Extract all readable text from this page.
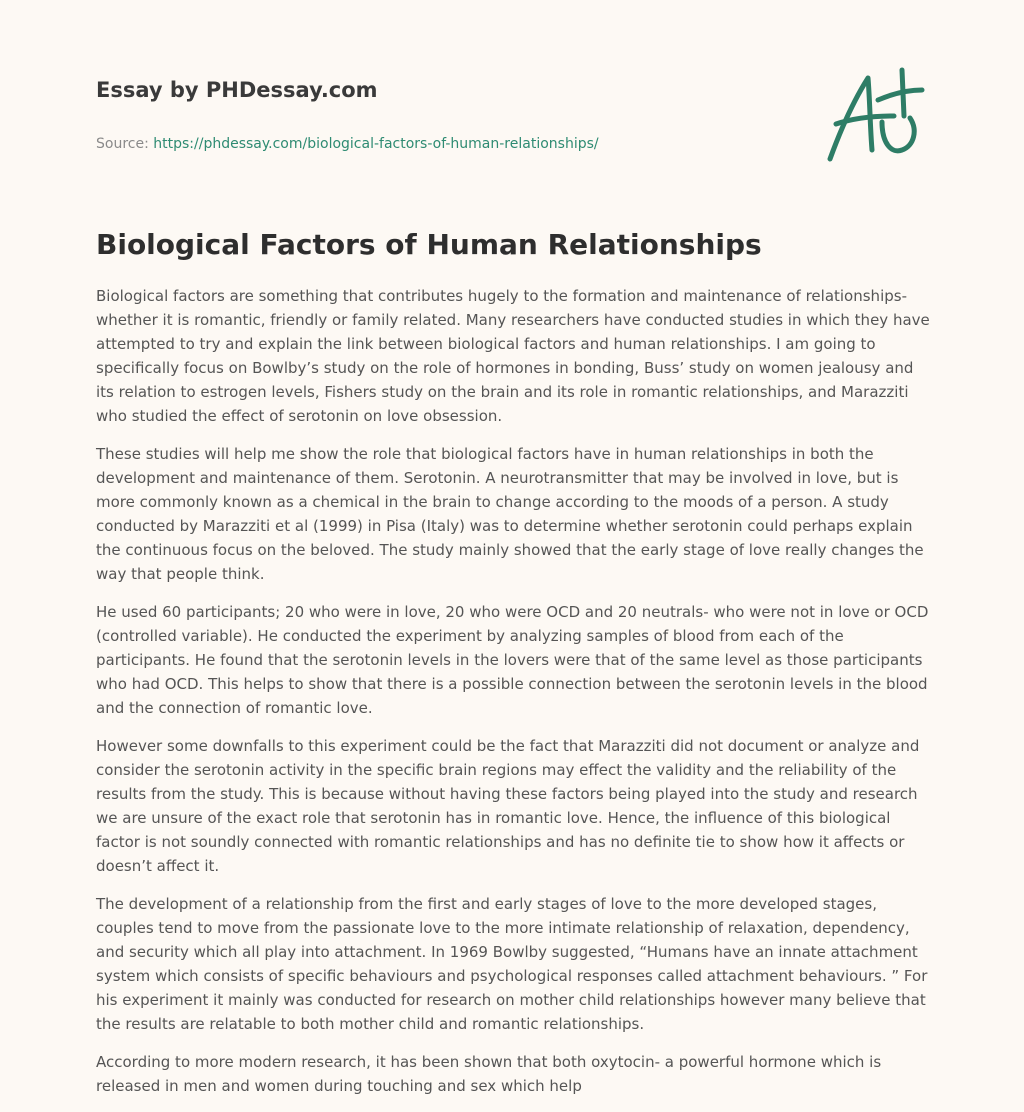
Essay by PHDessay.com
Source: https://phdessay.com/biological-factors-of-human-relationships/
Biological Factors of Human Relationships

Biological factors are something that contributes hugely to the formation and maintenance of relationships- whether it is romantic, friendly or family related. Many researchers have conducted studies in which they have attempted to try and explain the link between biological factors and human relationships. I am going to specifically focus on Bowlby’s study on the role of hormones in bonding, Buss’ study on women jealousy and its relation to estrogen levels, Fishers study on the brain and its role in romantic relationships, and Marazziti who studied the effect of serotonin on love obsession.

These studies will help me show the role that biological factors have in human relationships in both the development and maintenance of them. Serotonin. A neurotransmitter that may be involved in love, but is more commonly known as a chemical in the brain to change according to the moods of a person. A study conducted by Marazziti et al (1999) in Pisa (Italy) was to determine whether serotonin could perhaps explain the continuous focus on the beloved. The study mainly showed that the early stage of love really changes the way that people think.

He used 60 participants; 20 who were in love, 20 who were OCD and 20 neutrals- who were not in love or OCD (controlled variable). He conducted the experiment by analyzing samples of blood from each of the participants. He found that the serotonin levels in the lovers were that of the same level as those participants who had OCD. This helps to show that there is a possible connection between the serotonin levels in the blood and the connection of romantic love.

However some downfalls to this experiment could be the fact that Marazziti did not document or analyze and consider the serotonin activity in the specific brain regions may effect the validity and the reliability of the results from the study. This is because without having these factors being played into the study and research we are unsure of the exact role that serotonin has in romantic love. Hence, the influence of this biological factor is not soundly connected with romantic relationships and has no definite tie to show how it affects or doesn’t affect it.

The development of a relationship from the first and early stages of love to the more developed stages, couples tend to move from the passionate love to the more intimate relationship of relaxation, dependency, and security which all play into attachment. In 1969 Bowlby suggested, “Humans have an innate attachment system which consists of specific behaviours and psychological responses called attachment behaviours. ” For his experiment it mainly was conducted for research on mother child relationships however many believe that the results are relatable to both mother child and romantic relationships.

According to more modern research, it has been shown that both oxytocin- a powerful hormone which is released in men and women during touching and sex which help
